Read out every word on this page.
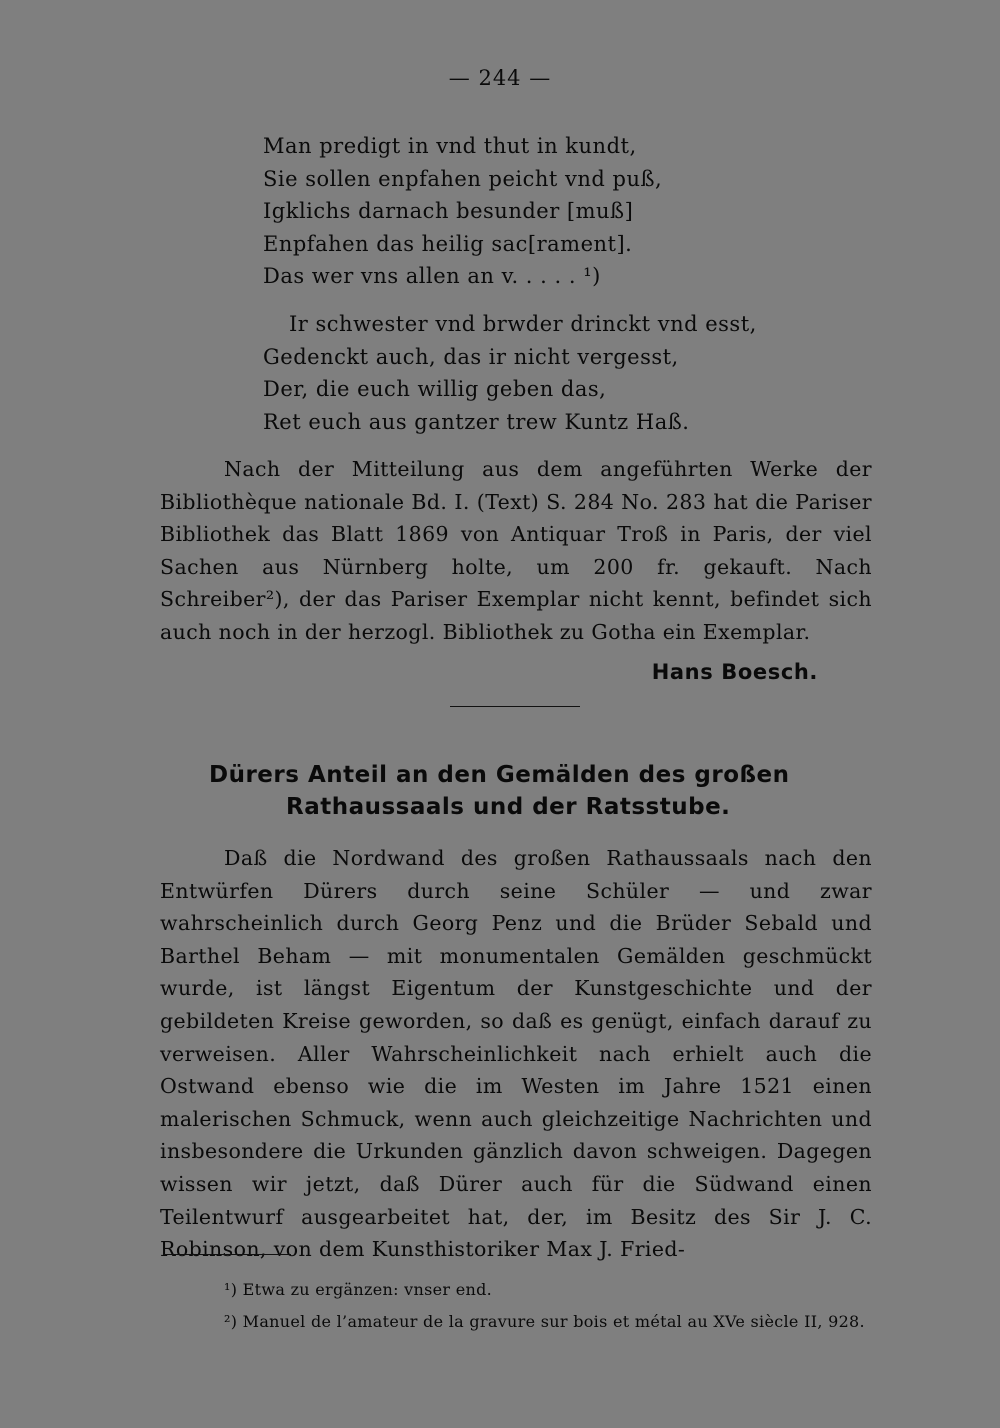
— 244 —
Man predigt in vnd thut in kundt,
Sie sollen enpfahen peicht vnd puß,
Igklichs darnach besunder [muß]
Enpfahen das heilig sac[rament].
Das wer vns allen an v. . . . . ¹)
Ir schwester vnd brwder drinckt vnd esst,
Gedenckt auch, das ir nicht vergesst,
Der, die euch willig geben das,
Ret euch aus gantzer trew Kuntz Haß.

Nach der Mitteilung aus dem angeführten Werke der Bibliothèque nationale Bd. I. (Text) S. 284 No. 283 hat die Pariser Bibliothek das Blatt 1869 von Antiquar Troß in Paris, der viel Sachen aus Nürnberg holte, um 200 fr. gekauft. Nach Schreiber²), der das Pariser Exemplar nicht kennt, befindet sich auch noch in der herzogl. Bibliothek zu Gotha ein Exemplar.

Hans Boesch.
Dürers Anteil an den Gemälden des großen
Rathaussaals und der Ratsstube.

Daß die Nordwand des großen Rathaussaals nach den Entwürfen Dürers durch seine Schüler — und zwar wahrscheinlich durch Georg Penz und die Brüder Sebald und Barthel Beham — mit monumentalen Gemälden geschmückt wurde, ist längst Eigentum der Kunstgeschichte und der gebildeten Kreise geworden, so daß es genügt, einfach darauf zu verweisen. Aller Wahrscheinlichkeit nach erhielt auch die Ostwand ebenso wie die im Westen im Jahre 1521 einen malerischen Schmuck, wenn auch gleichzeitige Nachrichten und insbesondere die Urkunden gänzlich davon schweigen. Dagegen wissen wir jetzt, daß Dürer auch für die Südwand einen Teilentwurf ausgearbeitet hat, der, im Besitz des Sir J. C. Robinson, von dem Kunsthistoriker Max J. Fried-

¹) Etwa zu ergänzen: vnser end.

²) Manuel de l’amateur de la gravure sur bois et métal au XVe siècle II, 928.
